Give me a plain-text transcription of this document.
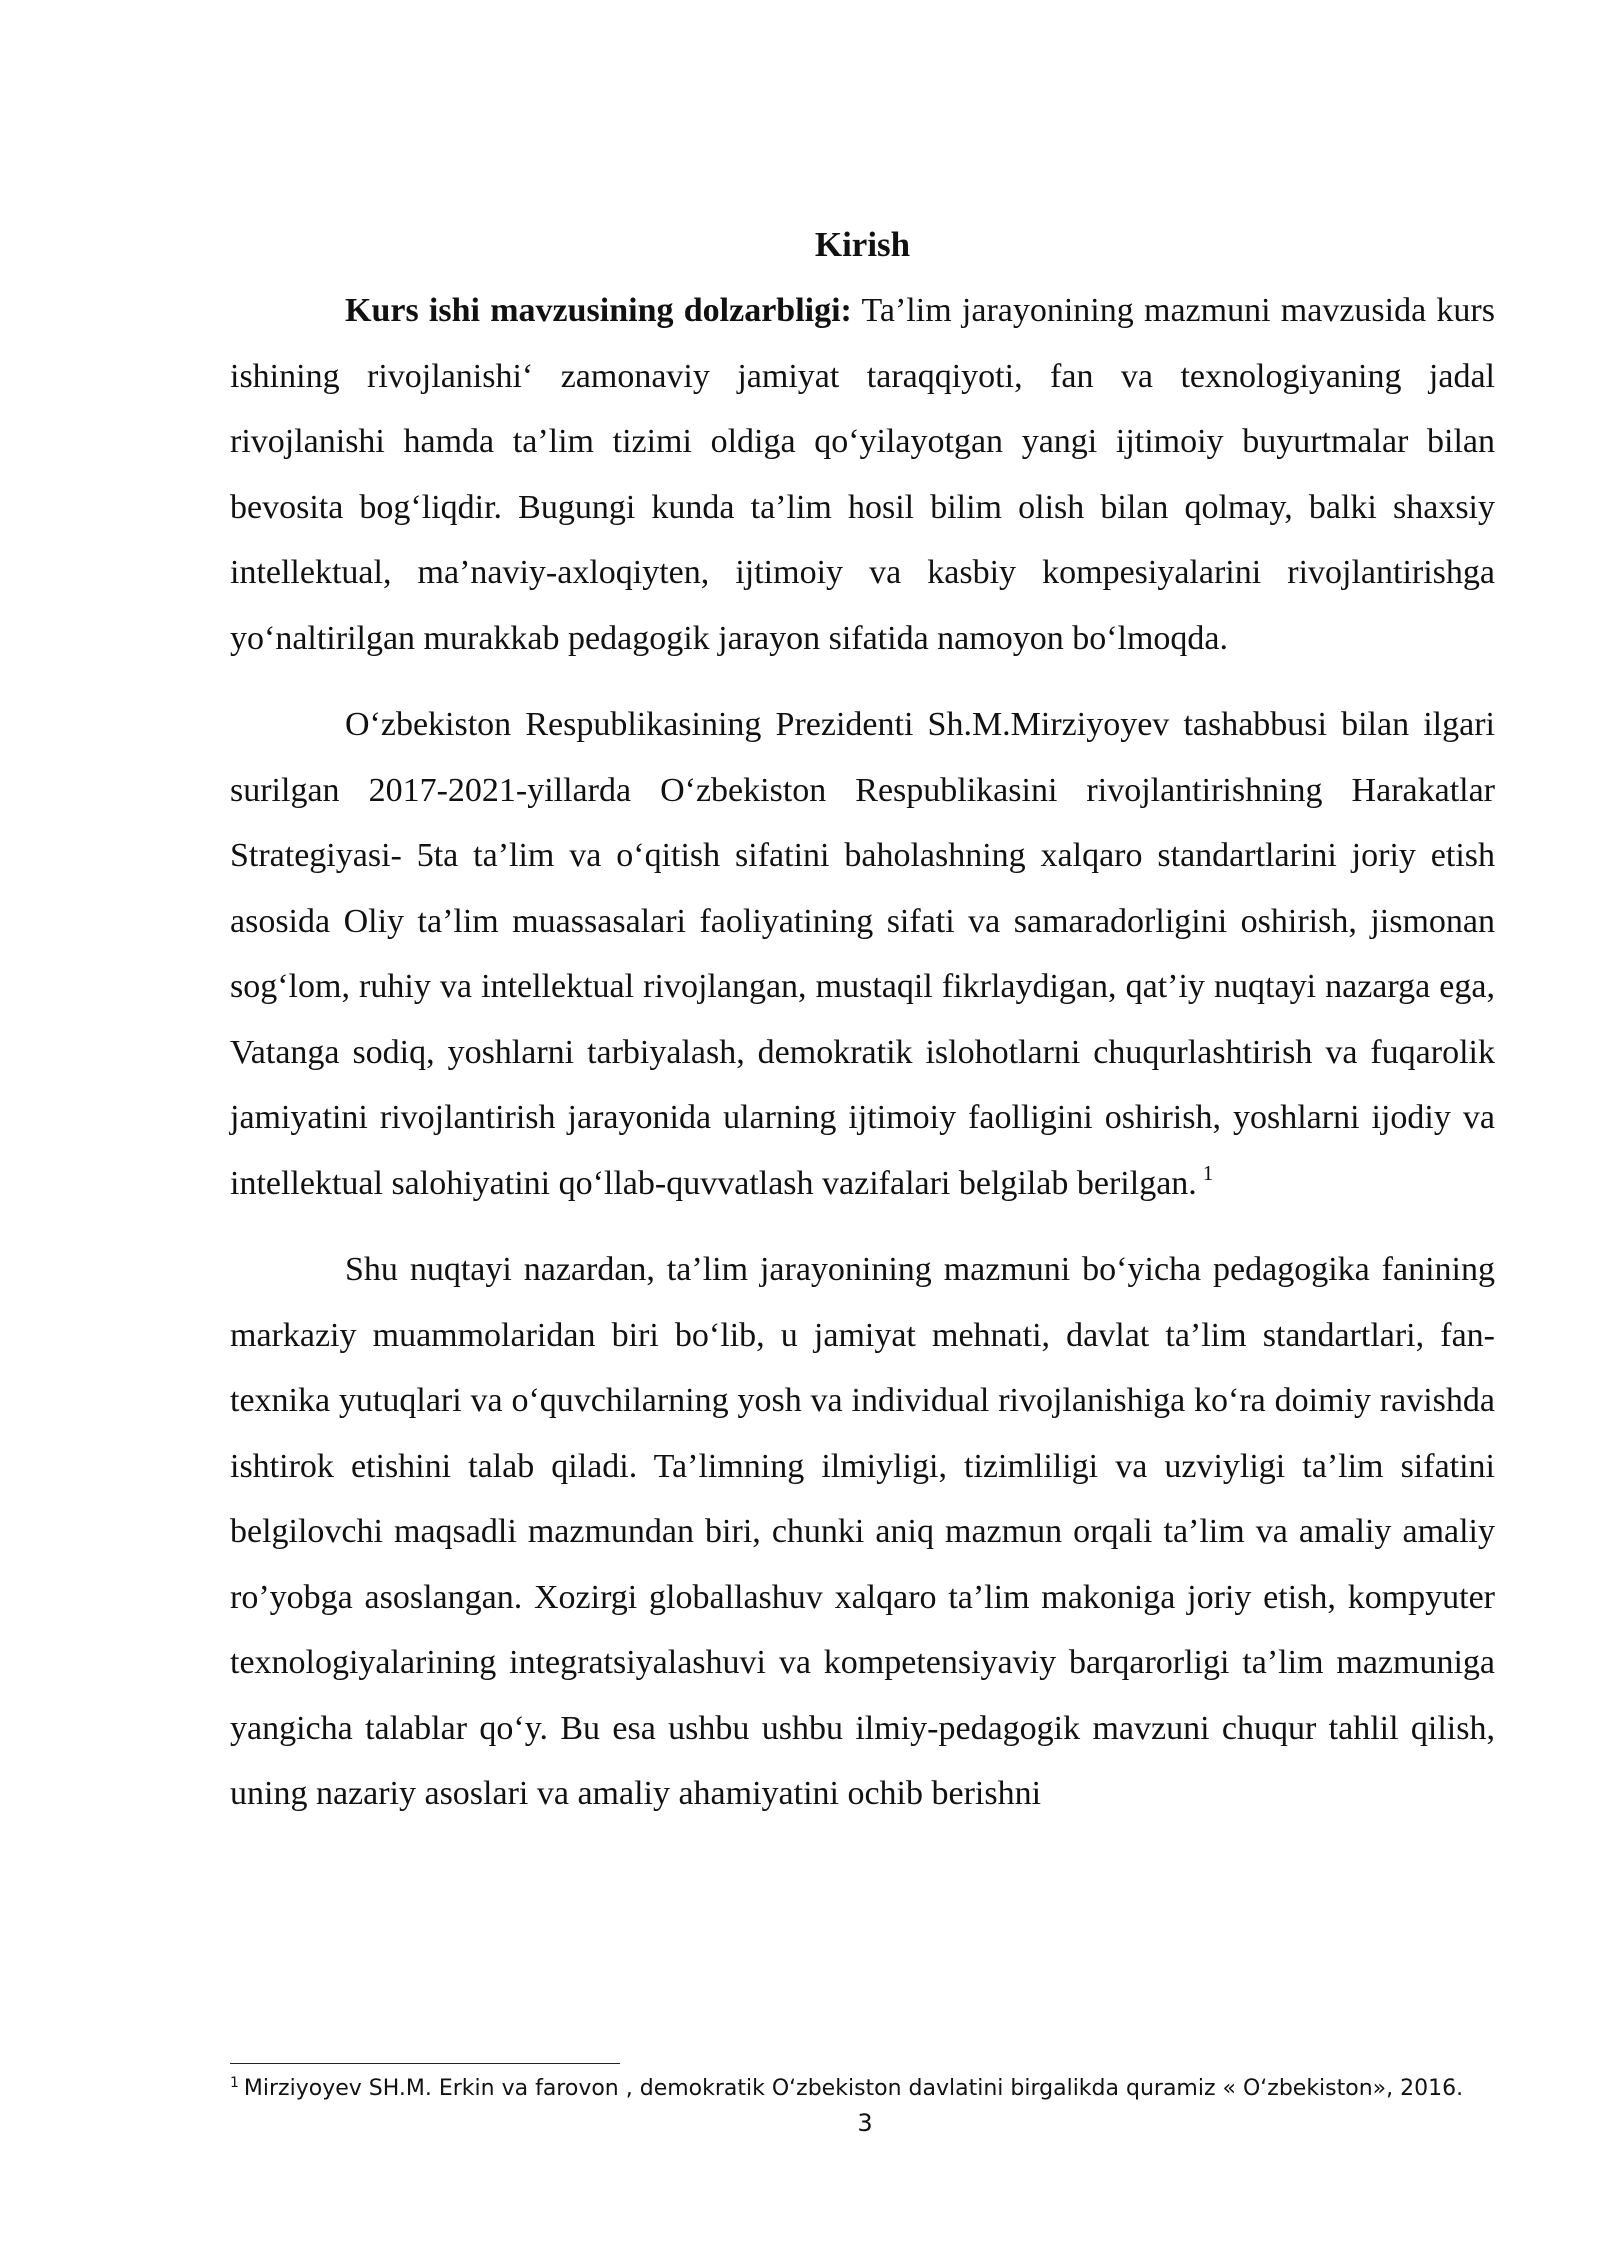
Kirish

Kurs ishi mavzusining dolzarbligi: Ta’lim jarayonining mazmuni mavzusida kurs ishining rivojlanishi‘ zamonaviy jamiyat taraqqiyoti, fan va texnologiyaning jadal rivojlanishi hamda ta’lim tizimi oldiga qo‘yilayotgan yangi ijtimoiy buyurtmalar bilan bevosita bog‘liqdir. Bugungi kunda ta’lim hosil bilim olish bilan qolmay, balki shaxsiy intellektual, ma’naviy-axloqiyten, ijtimoiy va kasbiy kompesiyalarini rivojlantirishga yo‘naltirilgan murakkab pedagogik jarayon sifatida namoyon bo‘lmoqda.

O‘zbekiston Respublikasining Prezidenti Sh.M.Mirziyoyev tashabbusi bilan ilgari surilgan 2017-2021-yillarda O‘zbekiston Respublikasini rivojlantirishning Harakatlar Strategiyasi- 5ta ta’lim va o‘qitish sifatini baholashning xalqaro standartlarini joriy etish asosida Oliy ta’lim muassasalari faoliyatining sifati va samaradorligini oshirish, jismonan sog‘lom, ruhiy va intellektual rivojlangan, mustaqil fikrlaydigan, qat’iy nuqtayi nazarga ega, Vatanga sodiq, yoshlarni tarbiyalash, demokratik islohotlarni chuqurlashtirish va fuqarolik jamiyatini rivojlantirish jarayonida ularning ijtimoiy faolligini oshirish, yoshlarni ijodiy va intellektual salohiyatini qo‘llab-quvvatlash vazifalari belgilab berilgan. $^1$

Shu nuqtayi nazardan, ta’lim jarayonining mazmuni bo‘yicha pedagogika fanining markaziy muammolaridan biri bo‘lib, u jamiyat mehnati, davlat ta’lim standartlari, fan-texnika yutuqlari va o‘quvchilarning yosh va individual rivojlanishiga ko‘ra doimiy ravishda ishtirok etishini talab qiladi. Ta’limning ilmiyligi, tizimliligi va uzviyligi ta’lim sifatini belgilovchi maqsadli mazmundan biri, chunki aniq mazmun orqali ta’lim va amaliy amaliy ro’yobga asoslangan. Xozirgi globallashuv xalqaro ta’lim makoniga joriy etish, kompyuter texnologiyalarining integratsiyalashuvi va kompetensiyaviy barqarorligi ta’lim mazmuniga yangicha talablar qo‘y. Bu esa ushbu ushbu ilmiy-pedagogik mavzuni chuqur tahlil qilish, uning nazariy asoslari va amaliy ahamiyatini ochib berishni

$^1$ Mirziyoyev SH.M. Erkin va farovon , demokratik O‘zbekiston davlatini birgalikda quramiz « O‘zbekiston», 2016.
3
